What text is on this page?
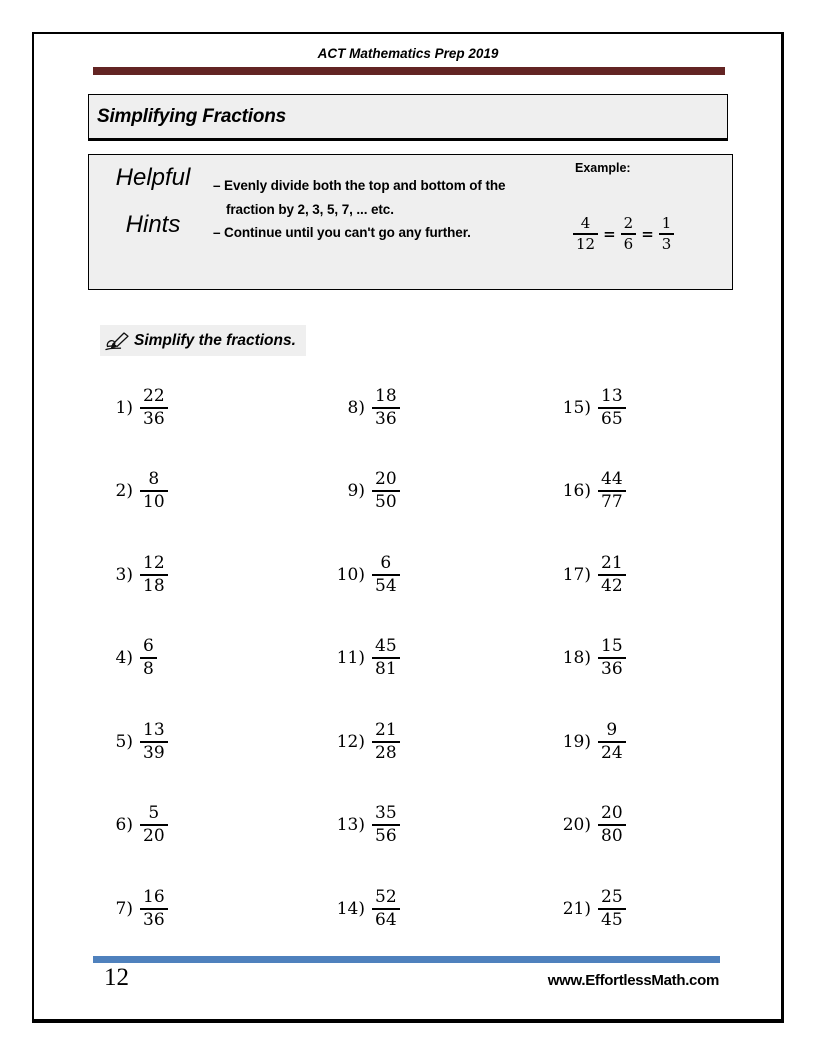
ACT Mathematics Prep 2019
Simplifying Fractions
Helpful
Hints
– Evenly divide both the top and bottom of the
fraction by 2, 3, 5, 7, ... etc.
– Continue until you can't go any further.
Example:
$\frac{4}{12} = \frac{2}{6} = \frac{1}{3}$
Simplify the fractions.
$1) \frac{22}{36}$
$2) \frac{8}{10}$
$3) \frac{12}{18}$
$4) \frac{6}{8}$
$5) \frac{13}{39}$
$6) \frac{5}{20}$
$7) \frac{16}{36}$
$8) \frac{18}{36}$
$9) \frac{20}{50}$
$10) \frac{6}{54}$
$11) \frac{45}{81}$
$12) \frac{21}{28}$
$13) \frac{35}{56}$
$14) \frac{52}{64}$
$15) \frac{13}{65}$
$16) \frac{44}{77}$
$17) \frac{21}{42}$
$18) \frac{15}{36}$
$19) \frac{9}{24}$
$20) \frac{20}{80}$
$21) \frac{25}{45}$
12	www.EffortlessMath.com
